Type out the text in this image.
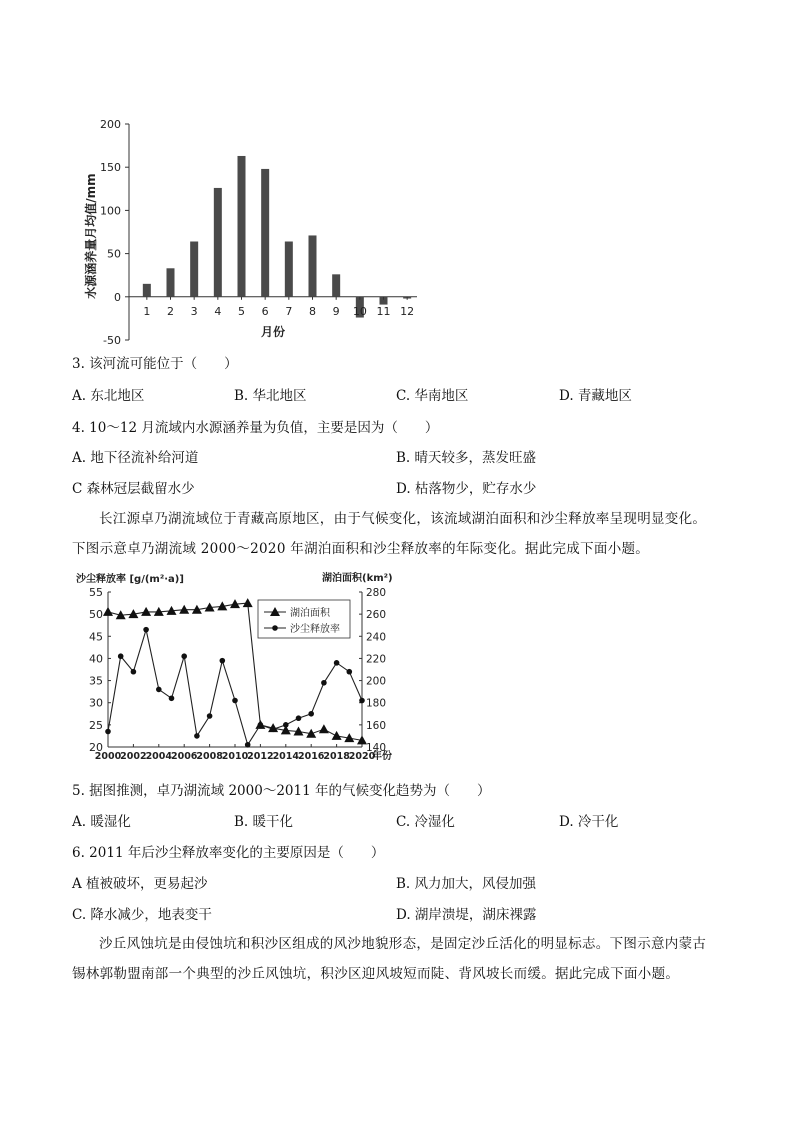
200
150
100
50
0
-50
1 2 3 4 5 6 7 8 9 10 11 12
水源涵养量月均值/mm
月份
3. 该河流可能位于（　　）
A. 东北地区	B. 华北地区	C. 华南地区	D. 青藏地区
4. 10～12 月流域内水源涵养量为负值，主要是因为（　　）
A. 地下径流补给河道	B. 晴天较多，蒸发旺盛
C 森林冠层截留水少	D. 枯落物少，贮存水少
长江源卓乃湖流域位于青藏高原地区，由于气候变化，该流域湖泊面积和沙尘释放率呈现明显变化。下图示意卓乃湖流域 2000～2020 年湖泊面积和沙尘释放率的年际变化。据此完成下面小题。
55
50
45
40
35
30
25
20
280
260
240
220
200
180
160
140
2000
2002
2004
2006
2008
2010
2012
2014
2016
2018
2020
湖泊面积
沙尘释放率
沙尘释放率 [g/(m²·a)]	湖泊面积(km²)
年份
5. 据图推测，卓乃湖流域 2000～2011 年的气候变化趋势为（　　）
A. 暖湿化	B. 暖干化	C. 冷湿化	D. 冷干化
6. 2011 年后沙尘释放率变化的主要原因是（　　）
A 植被破坏，更易起沙	B. 风力加大，风侵加强
C. 降水减少，地表变干	D. 湖岸溃堤，湖床裸露
沙丘风蚀坑是由侵蚀坑和积沙区组成的风沙地貌形态，是固定沙丘活化的明显标志。下图示意内蒙古锡林郭勒盟南部一个典型的沙丘风蚀坑，积沙区迎风坡短而陡、背风坡长而缓。据此完成下面小题。
